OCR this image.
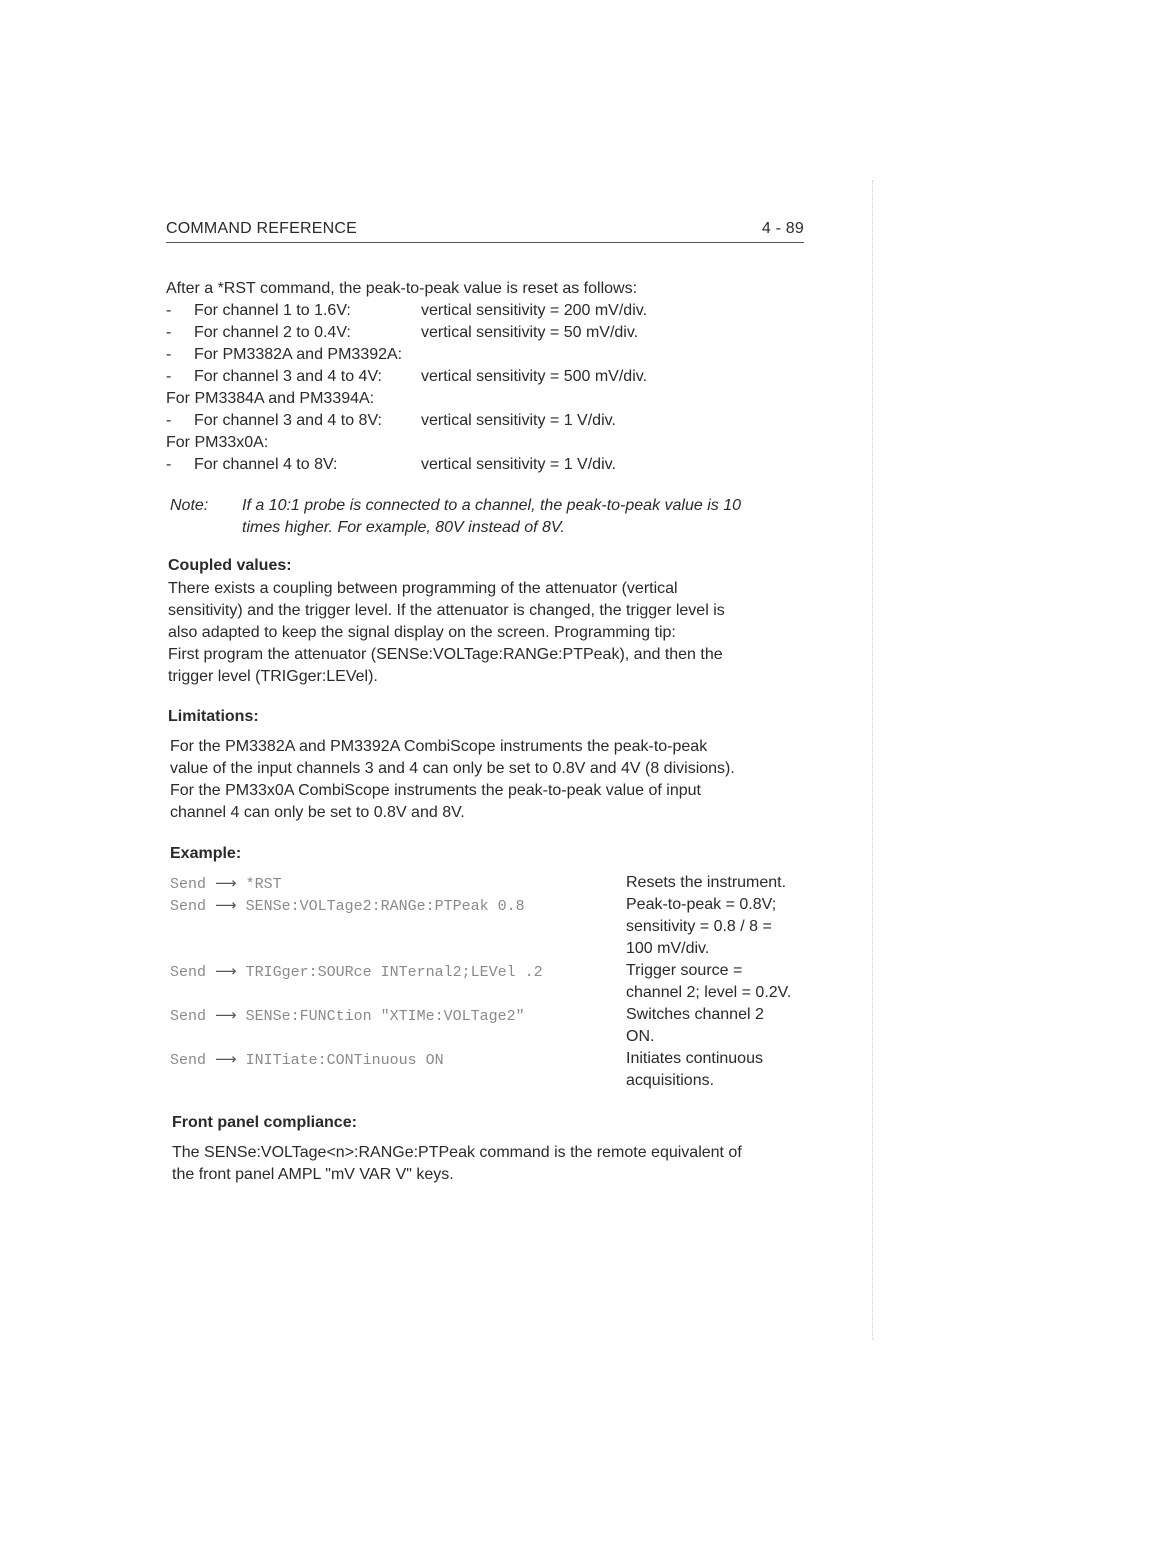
COMMAND REFERENCE	4 - 89
After a *RST command, the peak-to-peak value is reset as follows:
- For channel 1 to 1.6V:	vertical sensitivity = 200 mV/div.
- For channel 2 to 0.4V:	vertical sensitivity = 50 mV/div.
- For PM3382A and PM3392A:
- For channel 3 and 4 to 4V: vertical sensitivity = 500 mV/div.
For PM3384A and PM3394A:
- For channel 3 and 4 to 8V: vertical sensitivity = 1 V/div.
For PM33x0A:
- For channel 4 to 8V:	vertical sensitivity = 1 V/div.
Note: If a 10:1 probe is connected to a channel, the peak-to-peak value is 10
times higher. For example, 80V instead of 8V.
Coupled values:
There exists a coupling between programming of the attenuator (vertical
sensitivity) and the trigger level. If the attenuator is changed, the trigger level is
also adapted to keep the signal display on the screen. Programming tip:
First program the attenuator (SENSe:VOLTage:RANGe:PTPeak), and then the
trigger level (TRIGger:LEVel).
Limitations:
For the PM3382A and PM3392A CombiScope instruments the peak-to-peak
value of the input channels 3 and 4 can only be set to 0.8V and 4V (8 divisions).
For the PM33x0A CombiScope instruments the peak-to-peak value of input
channel 4 can only be set to 0.8V and 8V.
Example:
Send ⟶ *RST	Resets the instrument.
Send ⟶ SENSe:VOLTage2:RANGe:PTPeak 0.8	Peak-to-peak = 0.8V;
sensitivity = 0.8 / 8 =
100 mV/div.
Send ⟶ TRIGger:SOURce INTernal2;LEVel .2	Trigger source =
channel 2; level = 0.2V.
Send ⟶ SENSe:FUNCtion "XTIMe:VOLTage2"	Switches channel 2
ON.
Send ⟶ INITiate:CONTinuous ON	Initiates continuous
acquisitions.
Front panel compliance:
The SENSe:VOLTage<n>:RANGe:PTPeak command is the remote equivalent of
the front panel AMPL "mV VAR V" keys.
